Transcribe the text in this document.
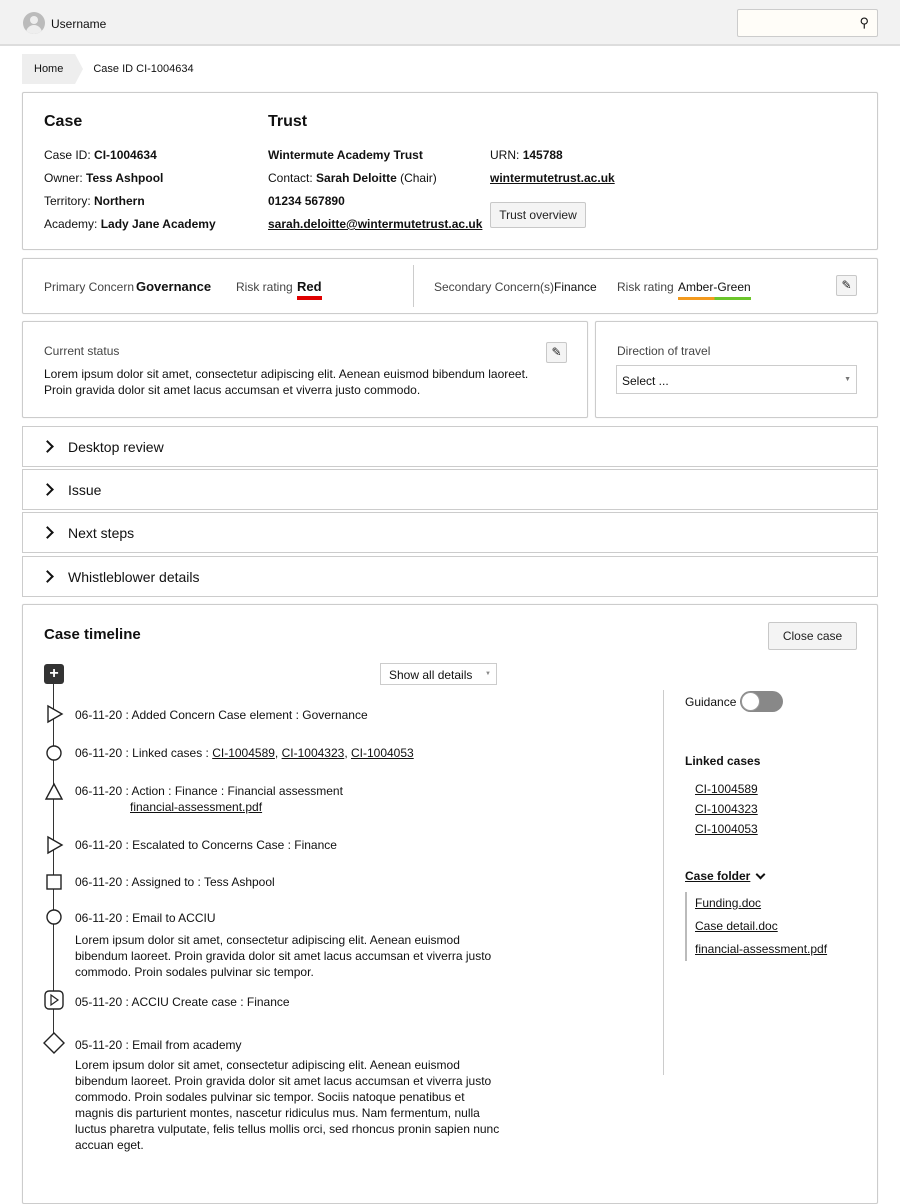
Username	⚲
Home	Case ID CI-1004634
Case
Case ID: CI-1004634
Owner: Tess Ashpool
Territory: Northern
Academy: Lady Jane Academy
Trust
Wintermute Academy Trust
Contact: Sarah Deloitte (Chair)
01234 567890
sarah.deloitte@wintermutetrust.ac.uk
URN: 145788
wintermutetrust.ac.uk
Trust overview
Primary Concern Governance Risk rating Red	Secondary Concern(s) Finance Risk rating Amber-Green	✎
Current status
Lorem ipsum dolor sit amet, consectetur adipiscing elit. Aenean euismod bibendum laoreet. Proin gravida dolor sit amet lacus accumsan et viverra justo commodo.
✎	Direction of travel
Select ...	▼
Desktop review
Issue
Next steps
Whistleblower details
Case timeline	Close case
+	Show all details ▼
06-11-20 : Added Concern Case element : Governance
06-11-20 : Linked cases : CI-1004589, CI-1004323, CI-1004053
06-11-20 : Action : Finance : Financial assessment
financial-assessment.pdf
06-11-20 : Escalated to Concerns Case : Finance
06-11-20 : Assigned to : Tess Ashpool
06-11-20 : Email to ACCIU
Lorem ipsum dolor sit amet, consectetur adipiscing elit. Aenean euismod bibendum laoreet. Proin gravida dolor sit amet lacus accumsan et viverra justo commodo. Proin sodales pulvinar sic tempor.
05-11-20 : ACCIU Create case : Finance
05-11-20 : Email from academy
Lorem ipsum dolor sit amet, consectetur adipiscing elit. Aenean euismod bibendum laoreet. Proin gravida dolor sit amet lacus accumsan et viverra justo commodo. Proin sodales pulvinar sic tempor. Sociis natoque penatibus et magnis dis parturient montes, nascetur ridiculus mus. Nam fermentum, nulla luctus pharetra vulputate, felis tellus mollis orci, sed rhoncus pronin sapien nunc accuan eget.
Guidance
Linked cases
CI-1004589
CI-1004323
CI-1004053
Case folder
Funding.doc
Case detail.doc
financial-assessment.pdf
